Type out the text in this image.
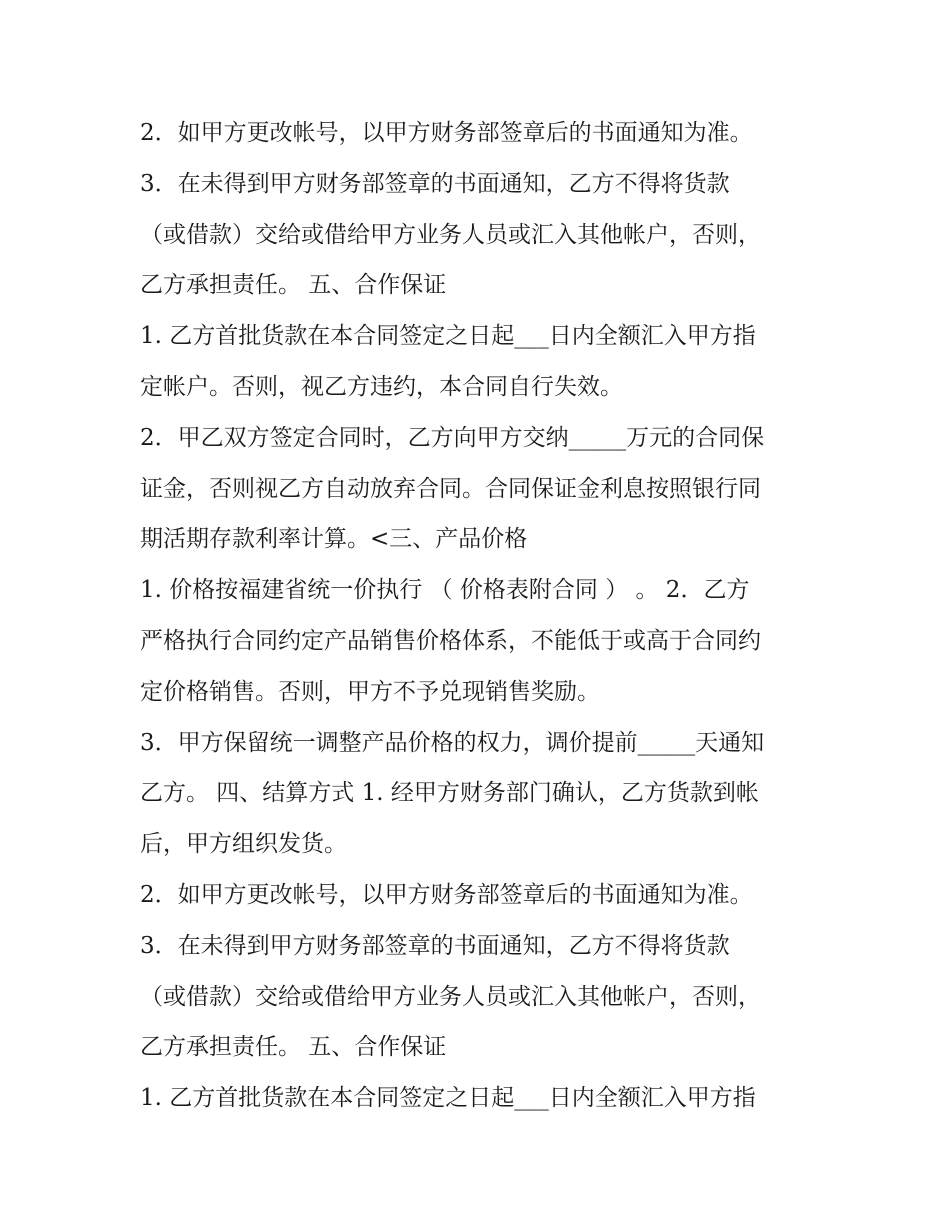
2．如甲方更改帐号，以甲方财务部签章后的书面通知为准。
3．在未得到甲方财务部签章的书面通知，乙方不得将货款
（或借款）交给或借给甲方业务人员或汇入其他帐户，否则，
乙方承担责任。 五、合作保证
1. 乙方首批货款在本合同签定之日起___日内全额汇入甲方指
定帐户。否则，视乙方违约，本合同自行失效。
2．甲乙双方签定合同时，乙方向甲方交纳_____万元的合同保
证金，否则视乙方自动放弃合同。合同保证金利息按照银行同
期活期存款利率计算。<三、产品价格
1. 价格按福建省统一价执行 （ 价格表附合同 ） 。 2．乙方
严格执行合同约定产品销售价格体系，不能低于或高于合同约
定价格销售。否则，甲方不予兑现销售奖励。
3．甲方保留统一调整产品价格的权力，调价提前_____天通知
乙方。 四、结算方式 1. 经甲方财务部门确认，乙方货款到帐
后，甲方组织发货。
2．如甲方更改帐号，以甲方财务部签章后的书面通知为准。
3．在未得到甲方财务部签章的书面通知，乙方不得将货款
（或借款）交给或借给甲方业务人员或汇入其他帐户，否则，
乙方承担责任。 五、合作保证
1. 乙方首批货款在本合同签定之日起___日内全额汇入甲方指
